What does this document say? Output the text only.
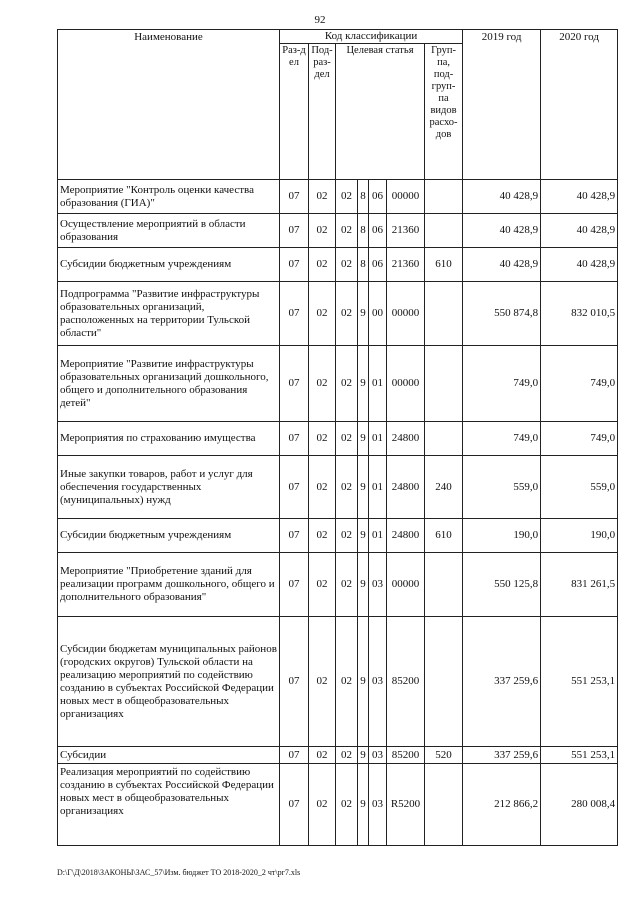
92
Наименование	Код классификации							2019 год	2020 год
	Раз-дел	Под-раз-дел	Целевая статья				Груп-па, под-груп-па видов расхо-дов		
Мероприятие "Контроль оценки качества образования (ГИА)"	07	02	02	8	06	00000		40 428,9	40 428,9
Осуществление мероприятий в области образования	07	02	02	8	06	21360		40 428,9	40 428,9
Субсидии бюджетным учреждениям	07	02	02	8	06	21360	610	40 428,9	40 428,9
Подпрограмма "Развитие инфраструктуры образовательных организаций, расположенных на территории Тульской области"	07	02	02	9	00	00000		550 874,8	832 010,5
Мероприятие "Развитие инфраструктуры образовательных организаций дошкольного, общего и дополнительного образования детей"	07	02	02	9	01	00000		749,0	749,0
Мероприятия по страхованию имущества	07	02	02	9	01	24800		749,0	749,0
Иные закупки товаров, работ и услуг для обеспечения государственных (муниципальных) нужд	07	02	02	9	01	24800	240	559,0	559,0
Субсидии бюджетным учреждениям	07	02	02	9	01	24800	610	190,0	190,0
Мероприятие "Приобретение зданий для реализации программ дошкольного, общего и дополнительного образования"	07	02	02	9	03	00000		550 125,8	831 261,5
Субсидии бюджетам муниципальных районов (городских округов) Тульской области на реализацию мероприятий по содействию созданию в субъектах Российской Федерации новых мест в общеобразовательных организациях	07	02	02	9	03	85200		337 259,6	551 253,1
Субсидии	07	02	02	9	03	85200	520	337 259,6	551 253,1
Реализация мероприятий по содействию созданию в субъектах Российской Федерации новых мест в общеобразовательных организациях	07	02	02	9	03	R5200		212 866,2	280 008,4
D:\Г\Д\2018\ЗАКОНЫ\ЗАС_57\Изм. бюджет ТО 2018-2020_2 чт\рг7.xls
